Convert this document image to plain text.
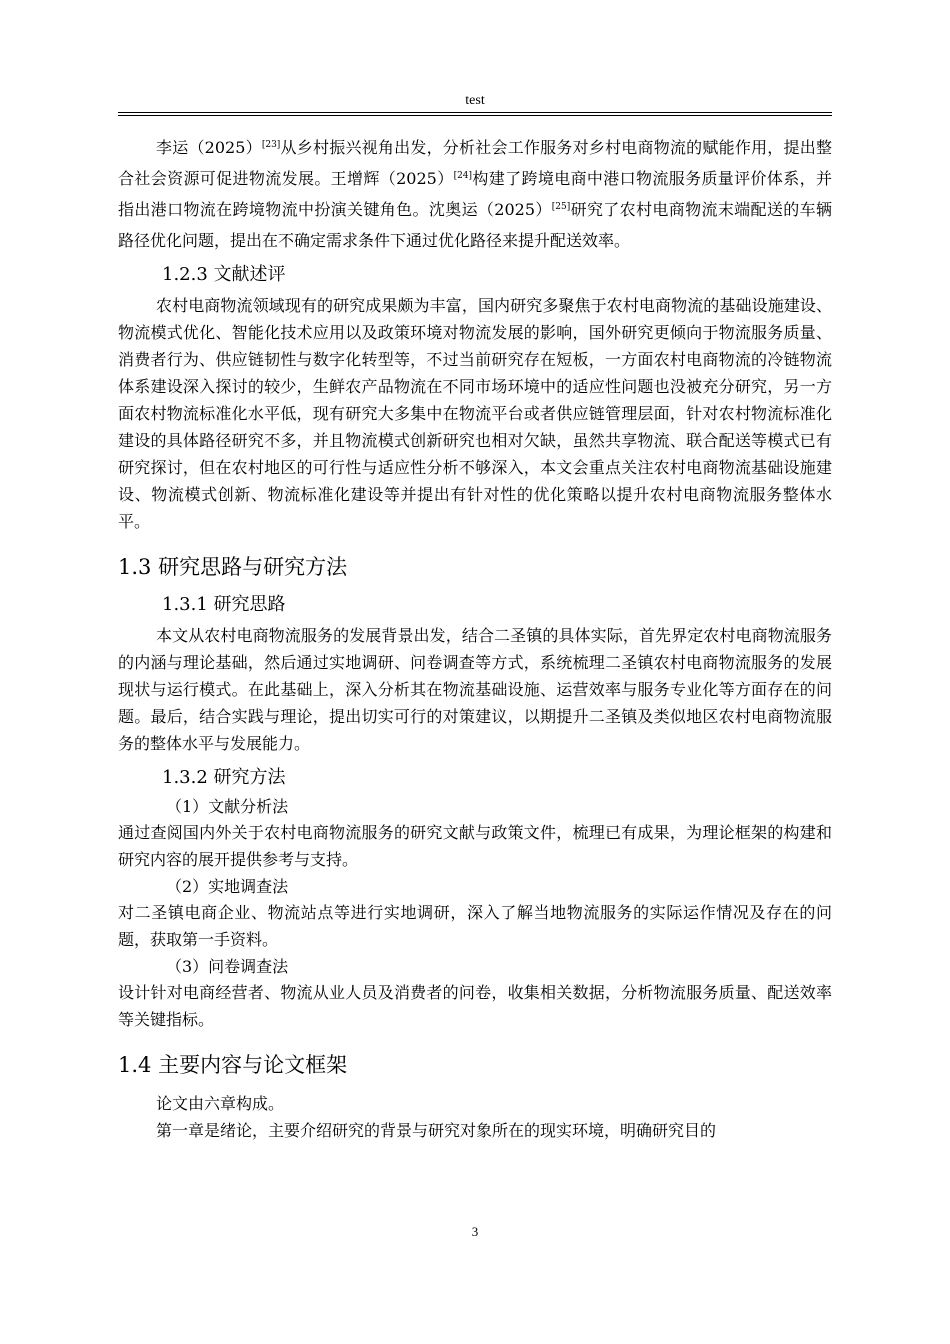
test

李运（2025）[23]从乡村振兴视角出发，分析社会工作服务对乡村电商物流的赋能作用，提出整合社会资源可促进物流发展。王增辉（2025）[24]构建了跨境电商中港口物流服务质量评价体系，并指出港口物流在跨境物流中扮演关键角色。沈奥运（2025）[25]研究了农村电商物流末端配送的车辆路径优化问题，提出在不确定需求条件下通过优化路径来提升配送效率。

1.2.3 文献述评

农村电商物流领域现有的研究成果颇为丰富，国内研究多聚焦于农村电商物流的基础设施建设、物流模式优化、智能化技术应用以及政策环境对物流发展的影响，国外研究更倾向于物流服务质量、消费者行为、供应链韧性与数字化转型等，不过当前研究存在短板，一方面农村电商物流的冷链物流体系建设深入探讨的较少，生鲜农产品物流在不同市场环境中的适应性问题也没被充分研究，另一方面农村物流标准化水平低，现有研究大多集中在物流平台或者供应链管理层面，针对农村物流标准化建设的具体路径研究不多，并且物流模式创新研究也相对欠缺，虽然共享物流、联合配送等模式已有研究探讨，但在农村地区的可行性与适应性分析不够深入，本文会重点关注农村电商物流基础设施建设、物流模式创新、物流标准化建设等并提出有针对性的优化策略以提升农村电商物流服务整体水平。

1.3 研究思路与研究方法
1.3.1 研究思路

本文从农村电商物流服务的发展背景出发，结合二圣镇的具体实际，首先界定农村电商物流服务的内涵与理论基础，然后通过实地调研、问卷调查等方式，系统梳理二圣镇农村电商物流服务的发展现状与运行模式。在此基础上，深入分析其在物流基础设施、运营效率与服务专业化等方面存在的问题。最后，结合实践与理论，提出切实可行的对策建议，以期提升二圣镇及类似地区农村电商物流服务的整体水平与发展能力。

1.3.2 研究方法
（1）文献分析法

通过查阅国内外关于农村电商物流服务的研究文献与政策文件，梳理已有成果，为理论框架的构建和研究内容的展开提供参考与支持。

（2）实地调查法

对二圣镇电商企业、物流站点等进行实地调研，深入了解当地物流服务的实际运作情况及存在的问题，获取第一手资料。

（3）问卷调查法

设计针对电商经营者、物流从业人员及消费者的问卷，收集相关数据，分析物流服务质量、配送效率等关键指标。

1.4 主要内容与论文框架

论文由六章构成。

第一章是绪论，主要介绍研究的背景与研究对象所在的现实环境，明确研究目的

3
